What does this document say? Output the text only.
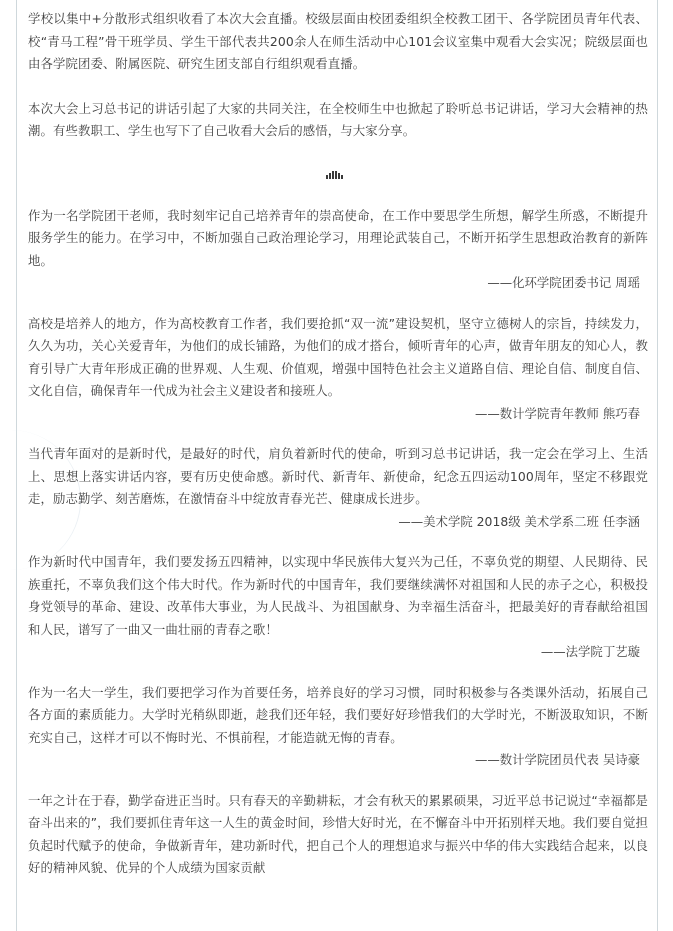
学校以集中+分散形式组织收看了本次大会直播。校级层面由校团委组织全校教工团干、各学院团员青年代表、校“青马工程”骨干班学员、学生干部代表共200余人在师生活动中心101会议室集中观看大会实况；院级层面也由各学院团委、附属医院、研究生团支部自行组织观看直播。

本次大会上习总书记的讲话引起了大家的共同关注，在全校师生中也掀起了聆听总书记讲话，学习大会精神的热潮。有些教职工、学生也写下了自己收看大会后的感悟，与大家分享。

作为一名学院团干老师，我时刻牢记自己培养青年的崇高使命，在工作中要思学生所想，解学生所惑，不断提升服务学生的能力。在学习中，不断加强自己政治理论学习，用理论武装自己，不断开拓学生思想政治教育的新阵地。

——化环学院团委书记 周瑶

高校是培养人的地方，作为高校教育工作者，我们要抢抓“双一流”建设契机，坚守立德树人的宗旨，持续发力，久久为功，关心关爱青年，为他们的成长铺路，为他们的成才搭台，倾听青年的心声，做青年朋友的知心人，教育引导广大青年形成正确的世界观、人生观、价值观，增强中国特色社会主义道路自信、理论自信、制度自信、文化自信，确保青年一代成为社会主义建设者和接班人。

——数计学院青年教师 熊巧春

当代青年面对的是新时代，是最好的时代，肩负着新时代的使命，听到习总书记讲话，我一定会在学习上、生活上、思想上落实讲话内容，要有历史使命感。新时代、新青年、新使命，纪念五四运动100周年，坚定不移跟党走，励志勤学、刻苦磨炼，在激情奋斗中绽放青春光芒、健康成长进步。

——美术学院 2018级 美术学系二班 任李涵

作为新时代中国青年，我们要发扬五四精神，以实现中华民族伟大复兴为己任，不辜负党的期望、人民期待、民族重托，不辜负我们这个伟大时代。作为新时代的中国青年，我们要继续满怀对祖国和人民的赤子之心，积极投身党领导的革命、建设、改革伟大事业，为人民战斗、为祖国献身、为幸福生活奋斗，把最美好的青春献给祖国和人民，谱写了一曲又一曲壮丽的青春之歌！

——法学院丁艺璇

作为一名大一学生，我们要把学习作为首要任务，培养良好的学习习惯，同时积极参与各类课外活动，拓展自己各方面的素质能力。大学时光稍纵即逝，趁我们还年轻，我们要好好珍惜我们的大学时光，不断汲取知识，不断充实自己，这样才可以不悔时光、不惧前程，才能造就无悔的青春。

——数计学院团员代表 吴诗豪

一年之计在于春，勤学奋进正当时。只有春天的辛勤耕耘，才会有秋天的累累硕果，习近平总书记说过“幸福都是奋斗出来的”，我们要抓住青年这一人生的黄金时间，珍惜大好时光，在不懈奋斗中开拓别样天地。我们要自觉担负起时代赋予的使命，争做新青年，建功新时代，把自己个人的理想追求与振兴中华的伟大实践结合起来，以良好的精神风貌、优异的个人成绩为国家贡献
